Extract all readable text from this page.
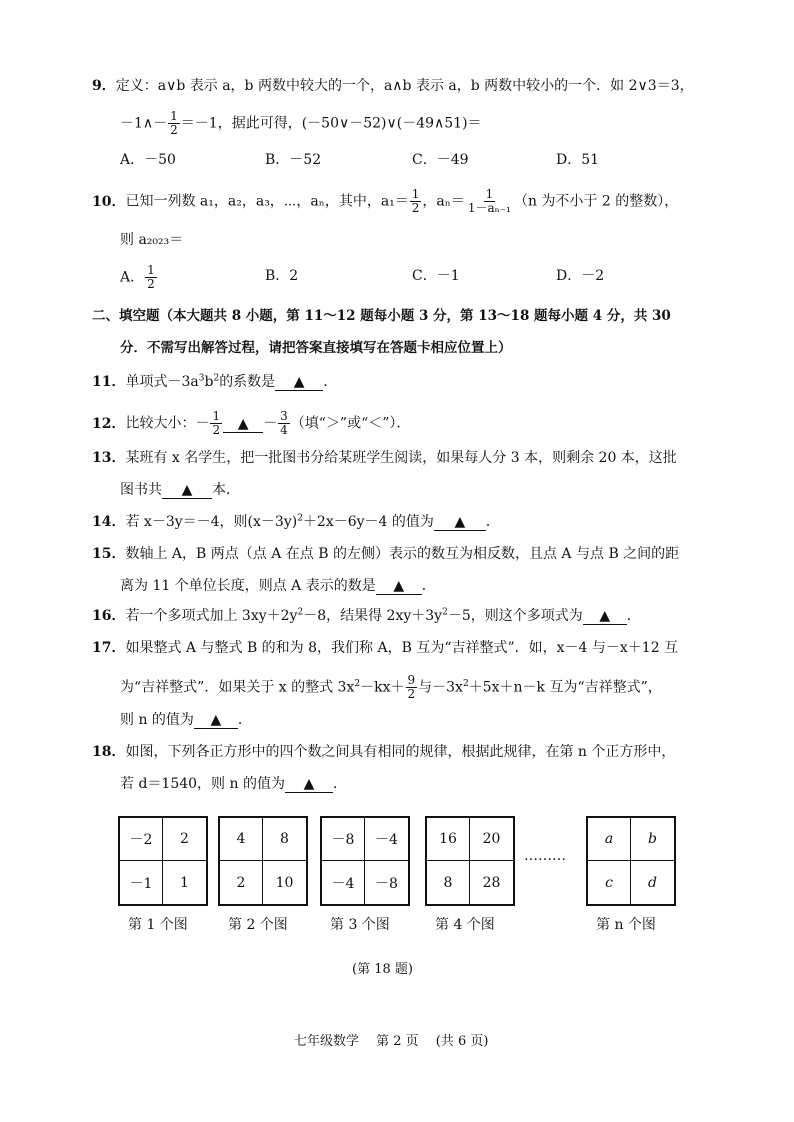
9．定义：a∨b 表示 a，b 两数中较大的一个，a∧b 表示 a，b 两数中较小的一个．如 2∨3＝3，
－1∧－ $\frac{1}{2} =-1$，据此可得，(－50∨－52)∨(－49∧51)＝
A．－50	B．－52	C．－49	D．51
10．已知一列数 a₁，a₂，a₃，⋯，aₙ，其中，$a_1= \frac{1}{2}$ ，$a_n= \frac{1}{\text{1－aₙ₋₁}} (n$ 为不小于 2 的整数），
则 a₂₀₂₃＝
A． $\frac{1}{2}$	B．2	C．－1	D．－2
二、填空题（本大题共 8 小题，第 11～12 题每小题 3 分，第 13～18 题每小题 4 分，共 30
分．不需写出解答过程，请把答案直接填写在答题卡相应位置上）
11．单项式$-3a^3b^2$的系数是 ▲ ．
12．比较大小：－ $\frac{1}{2}$ ▲ － $\frac{3}{4}$ （填“＞”或“＜”）．
13．某班有 x 名学生，把一批图书分给某班学生阅读，如果每人分 3 本，则剩余 20 本，这批
图书共 ▲ 本．
14．若 x－3y＝－4，则$(x-3y)^2+2x-6y-4$ 的值为 ▲ ．
15．数轴上 A，B 两点（点 A 在点 B 的左侧）表示的数互为相反数，且点 A 与点 B 之间的距
离为 11 个单位长度，则点 A 表示的数是 ▲ ．
16．若一个多项式加上 $3xy+2y^2-8$，结果得 $2xy+3y^2-5$，则这个多项式为 ▲ ．
17．如果整式 A 与整式 B 的和为 8，我们称 A，B 互为“吉祥整式”．如，x－4 与－x＋12 互
为“吉祥整式”．如果关于 x 的整式 $3x^2-kx+ \frac{9}{2}$ 与$-3x^2+5x+n-k$ 互为“吉祥整式”，
则 n 的值为 ▲ ．
18．如图，下列各正方形中的四个数之间具有相同的规律，根据此规律，在第 n 个正方形中，
若 d＝1540，则 n 的值为 ▲ ．
－2	2
－1	1
4	8
2	10
－8	－4
－4	－8
16	20
8	28
………
a	b
c	d
第 1 个图	第 2 个图	第 3 个图	第 4 个图	第 n 个图
(第 18 题)
七年级数学　 第 2 页　 (共 6 页)
